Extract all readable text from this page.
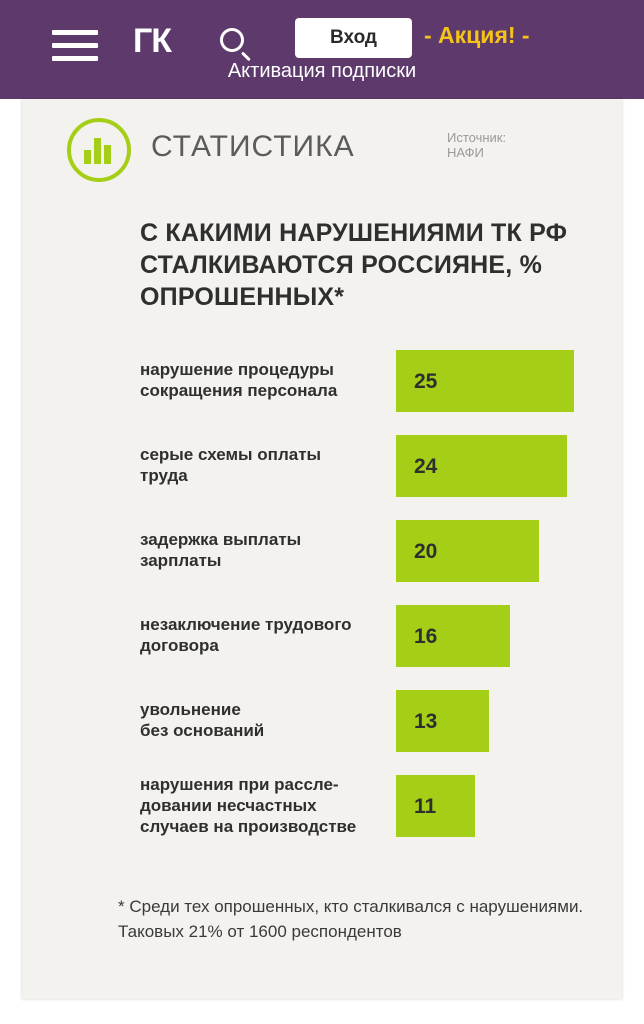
ГК	Вход	- Акция! -
Активация подписки
СТАТИСТИКА	Источник:
НАФИ
С КАКИМИ НАРУШЕНИЯМИ ТК РФ СТАЛКИВАЮТСЯ РОССИЯНЕ, % ОПРОШЕННЫХ*
нарушение процедуры
сокращения персонала	25
серые схемы оплаты
труда	24
задержка выплаты
зарплаты	20
незаключение трудового
договора	16
увольнение
без оснований	13
нарушения при рассле-
довании несчастных
случаев на производстве
11
* Среди тех опрошенных, кто сталкивался с нарушениями. Таковых 21% от 1600 респондентов
